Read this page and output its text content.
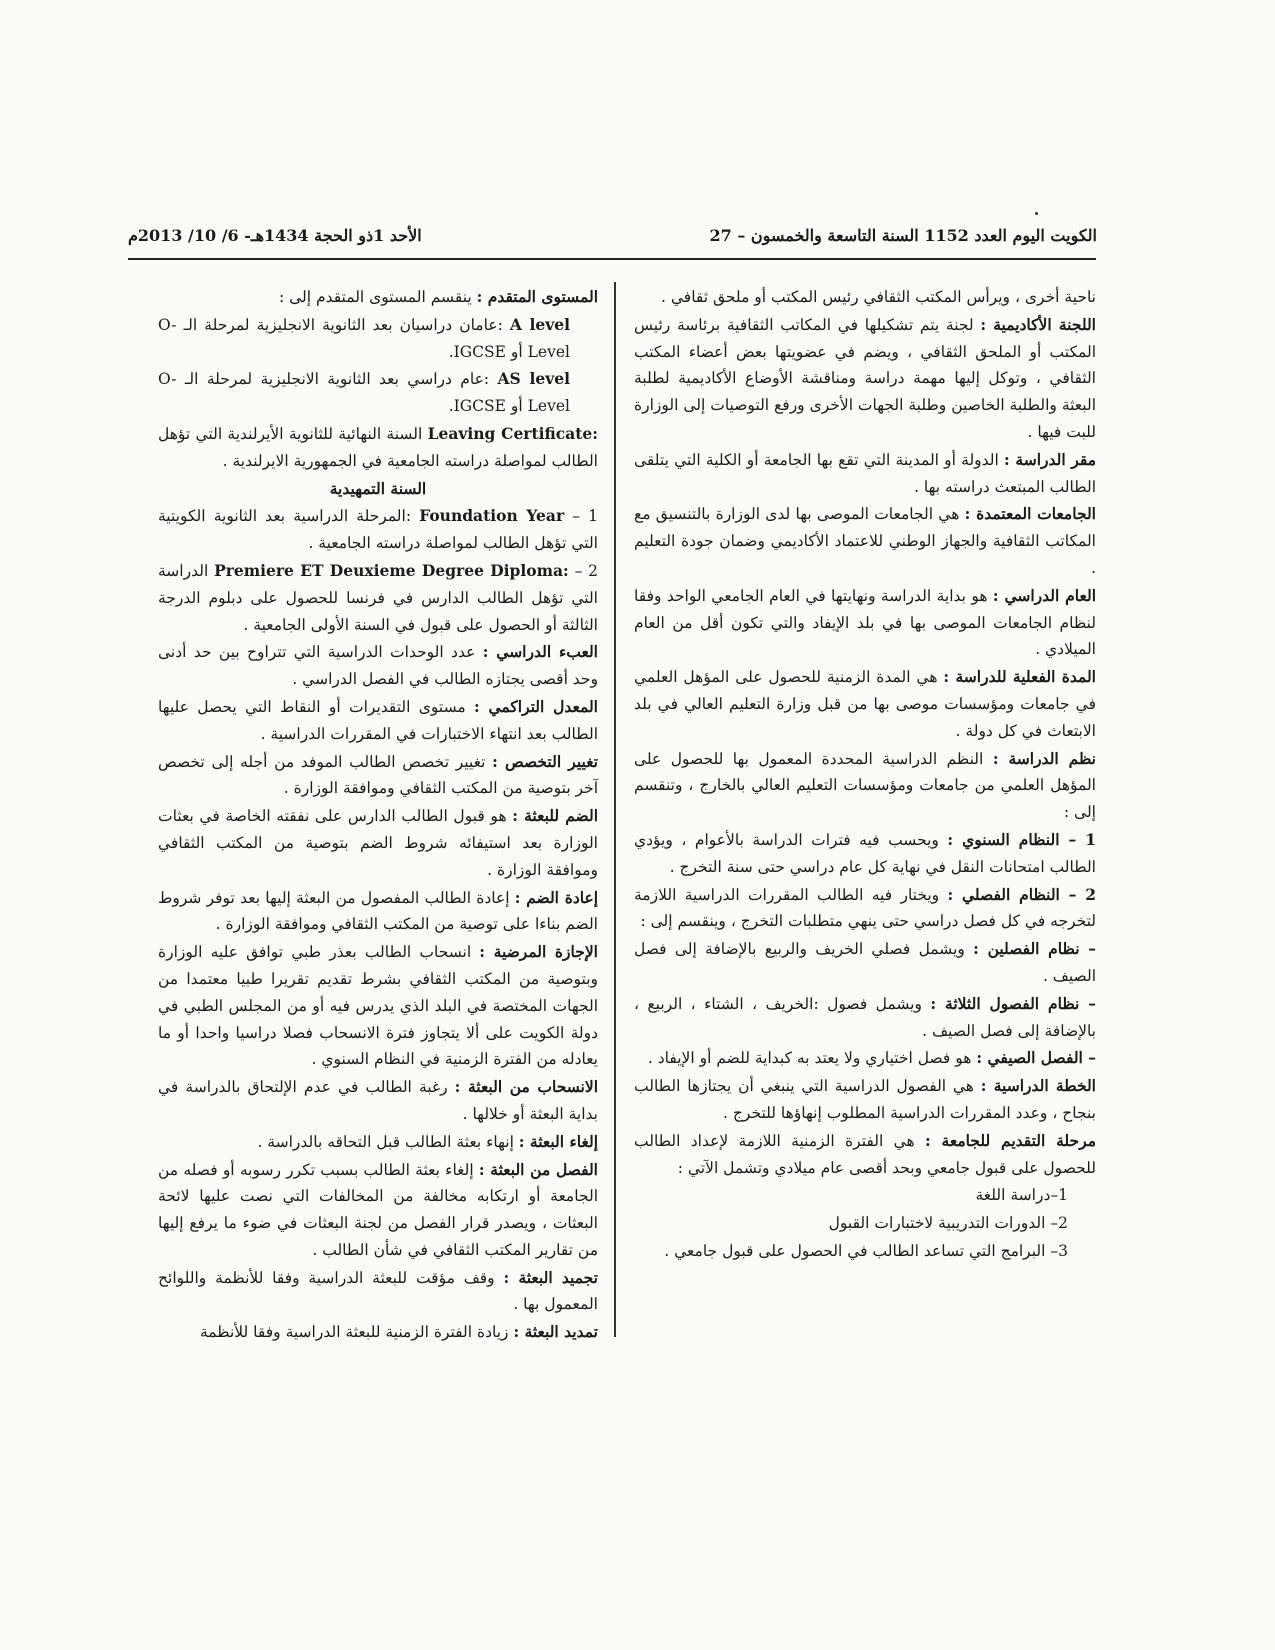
الكويت اليوم العدد 1152 السنة التاسعة والخمسون – 27
الأحد 1ذو الحجة 1434هـ- 6/ 10/ 2013م

ناحية أخرى ، ويرأس المكتب الثقافي رئيس المكتب أو ملحق ثقافي .

اللجنة الأكاديمية : لجنة يتم تشكيلها في المكاتب الثقافية برئاسة رئيس المكتب أو الملحق الثقافي ، ويضم في عضويتها بعض أعضاء المكتب الثقافي ، وتوكل إليها مهمة دراسة ومناقشة الأوضاع الأكاديمية لطلبة البعثة والطلبة الخاصين وطلبة الجهات الأخرى ورفع التوصيات إلى الوزارة للبت فيها .

مقر الدراسة : الدولة أو المدينة التي تقع بها الجامعة أو الكلية التي يتلقى الطالب المبتعث دراسته بها .

الجامعات المعتمدة : هي الجامعات الموصى بها لدى الوزارة بالتنسيق مع المكاتب الثقافية والجهاز الوطني للاعتماد الأكاديمي وضمان جودة التعليم .

العام الدراسي : هو بداية الدراسة ونهايتها في العام الجامعي الواحد وفقا لنظام الجامعات الموصى بها في بلد الإيفاد والتي تكون أقل من العام الميلادي .

المدة الفعلية للدراسة : هي المدة الزمنية للحصول على المؤهل العلمي في جامعات ومؤسسات موصى بها من قبل وزارة التعليم العالي في بلد الابتعاث في كل دولة .

نظم الدراسة : النظم الدراسية المحددة المعمول بها للحصول على المؤهل العلمي من جامعات ومؤسسات التعليم العالي بالخارج ، وتنقسم إلى :

1 – النظام السنوي : ويحسب فيه فترات الدراسة بالأعوام ، ويؤدي الطالب امتحانات النقل في نهاية كل عام دراسي حتى سنة التخرج .

2 – النظام الفصلي : ويختار فيه الطالب المقررات الدراسية اللازمة لتخرجه في كل فصل دراسي حتى ينهي متطلبات التخرج ، وينقسم إلى :

– نظام الفصلين : ويشمل فصلي الخريف والربيع بالإضافة إلى فصل الصيف .

– نظام الفصول الثلاثة : ويشمل فصول :الخريف ، الشتاء ، الربيع ، بالإضافة إلى فصل الصيف .

– الفصل الصيفي : هو فصل اختياري ولا يعتد به كبداية للضم أو الإيفاد .

الخطة الدراسية : هي الفصول الدراسية التي ينبغي أن يجتازها الطالب بنجاح ، وعدد المقررات الدراسية المطلوب إنهاؤها للتخرج .

مرحلة التقديم للجامعة : هي الفترة الزمنية اللازمة لإعداد الطالب للحصول على قبول جامعي وبحد أقصى عام ميلادي وتشمل الآتي :

1–دراسة اللغة

2– الدورات التدريبية لاختبارات القبول

3– البرامج التي تساعد الطالب في الحصول على قبول جامعي .

المستوى المتقدم : ينقسم المستوى المتقدم إلى :

A level :عامان دراسيان بعد الثانوية الانجليزية لمرحلة الـ O- Level أو IGCSE.

AS level :عام دراسي بعد الثانوية الانجليزية لمرحلة الـ O- Level أو IGCSE.

Leaving Certificate: السنة النهائية للثانوية الأيرلندية التي تؤهل الطالب لمواصلة دراسته الجامعية في الجمهورية الايرلندية .

السنة التمهيدية

1 – Foundation Year :المرحلة الدراسية بعد الثانوية الكويتية التي تؤهل الطالب لمواصلة دراسته الجامعية .

2 – Premiere ET Deuxieme Degree Diploma: الدراسة التي تؤهل الطالب الدارس في فرنسا للحصول على دبلوم الدرجة الثالثة أو الحصول على قبول في السنة الأولى الجامعية .

العبء الدراسي : عدد الوحدات الدراسية التي تتراوح بين حد أدنى وحد أقصى يجتازه الطالب في الفصل الدراسي .

المعدل التراكمي : مستوى التقديرات أو النقاط التي يحصل عليها الطالب بعد انتهاء الاختبارات في المقررات الدراسية .

تغيير التخصص : تغيير تخصص الطالب الموفد من أجله إلى تخصص آخر بتوصية من المكتب الثقافي وموافقة الوزارة .

الضم للبعثة : هو قبول الطالب الدارس على نفقته الخاصة في بعثات الوزارة بعد استيفائه شروط الضم بتوصية من المكتب الثقافي وموافقة الوزارة .

إعادة الضم : إعادة الطالب المفصول من البعثة إليها بعد توفر شروط الضم بناءا على توصية من المكتب الثقافي وموافقة الوزارة .

الإجازة المرضية : انسحاب الطالب بعذر طبي توافق عليه الوزارة وبتوصية من المكتب الثقافي بشرط تقديم تقريرا طبيا معتمدا من الجهات المختصة في البلد الذي يدرس فيه أو من المجلس الطبي في دولة الكويت على ألا يتجاوز فترة الانسحاب فصلا دراسيا واحدا أو ما يعادله من الفترة الزمنية في النظام السنوي .

الانسحاب من البعثة : رغبة الطالب في عدم الإلتحاق بالدراسة في بداية البعثة أو خلالها .

إلغاء البعثة : إنهاء بعثة الطالب قبل التحاقه بالدراسة .

الفصل من البعثة : إلغاء بعثة الطالب بسبب تكرر رسوبه أو فصله من الجامعة أو ارتكابه مخالفة من المخالفات التي نصت عليها لائحة البعثات ، ويصدر قرار الفصل من لجنة البعثات في ضوء ما يرفع إليها من تقارير المكتب الثقافي في شأن الطالب .

تجميد البعثة : وقف مؤقت للبعثة الدراسية وفقا للأنظمة واللوائح المعمول بها .

تمديد البعثة : زيادة الفترة الزمنية للبعثة الدراسية وفقا للأنظمة
